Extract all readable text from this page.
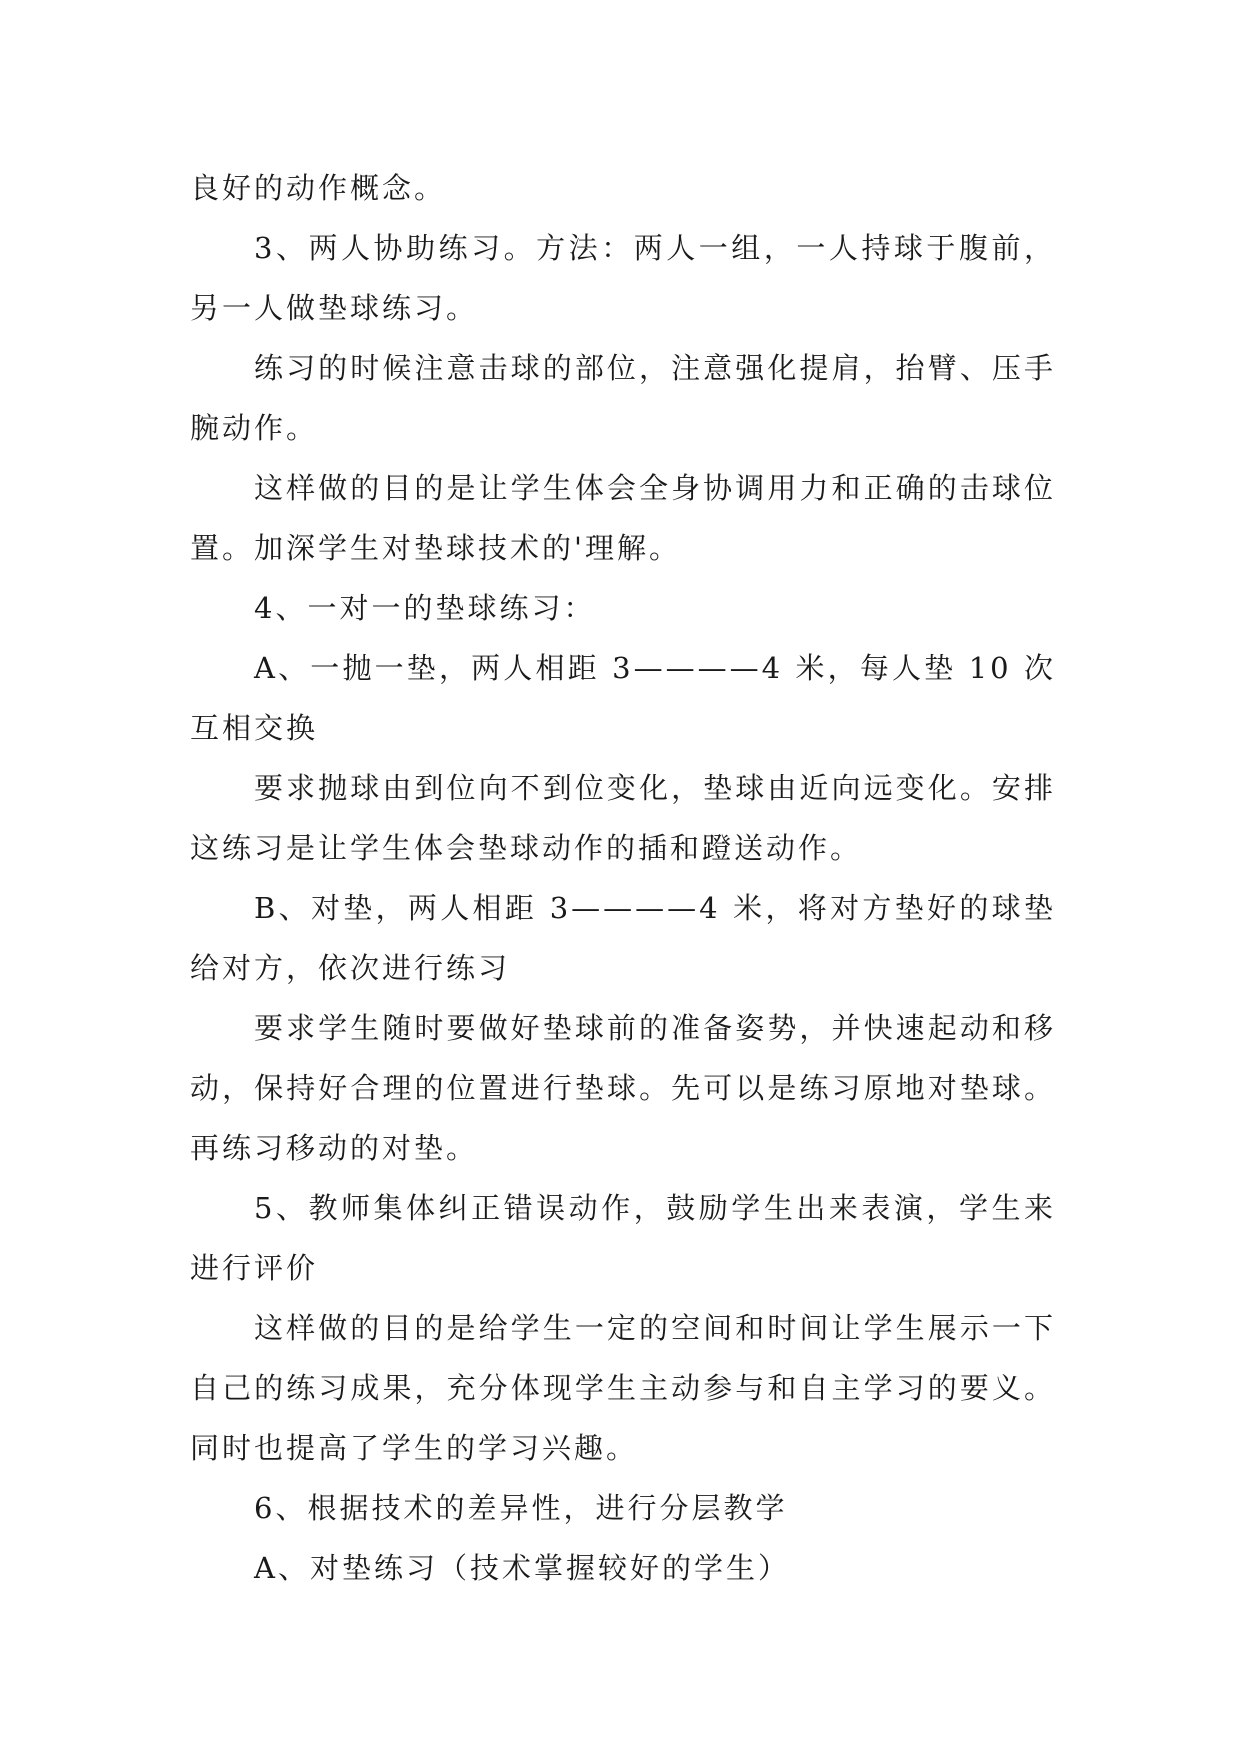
良好的动作概念。

3、两人协助练习。方法：两人一组，一人持球于腹前，另一人做垫球练习。

练习的时候注意击球的部位，注意强化提肩，抬臂、压手腕动作。

这样做的目的是让学生体会全身协调用力和正确的击球位置。加深学生对垫球技术的'理解。

4、一对一的垫球练习：

A、一抛一垫，两人相距 3————4 米，每人垫 10 次互相交换

要求抛球由到位向不到位变化，垫球由近向远变化。安排这练习是让学生体会垫球动作的插和蹬送动作。

B、对垫，两人相距 3————4 米，将对方垫好的球垫给对方，依次进行练习

要求学生随时要做好垫球前的准备姿势，并快速起动和移动，保持好合理的位置进行垫球。先可以是练习原地对垫球。再练习移动的对垫。

5、教师集体纠正错误动作，鼓励学生出来表演，学生来进行评价

这样做的目的是给学生一定的空间和时间让学生展示一下自己的练习成果，充分体现学生主动参与和自主学习的要义。同时也提高了学生的学习兴趣。

6、根据技术的差异性，进行分层教学

A、对垫练习（技术掌握较好的学生）
